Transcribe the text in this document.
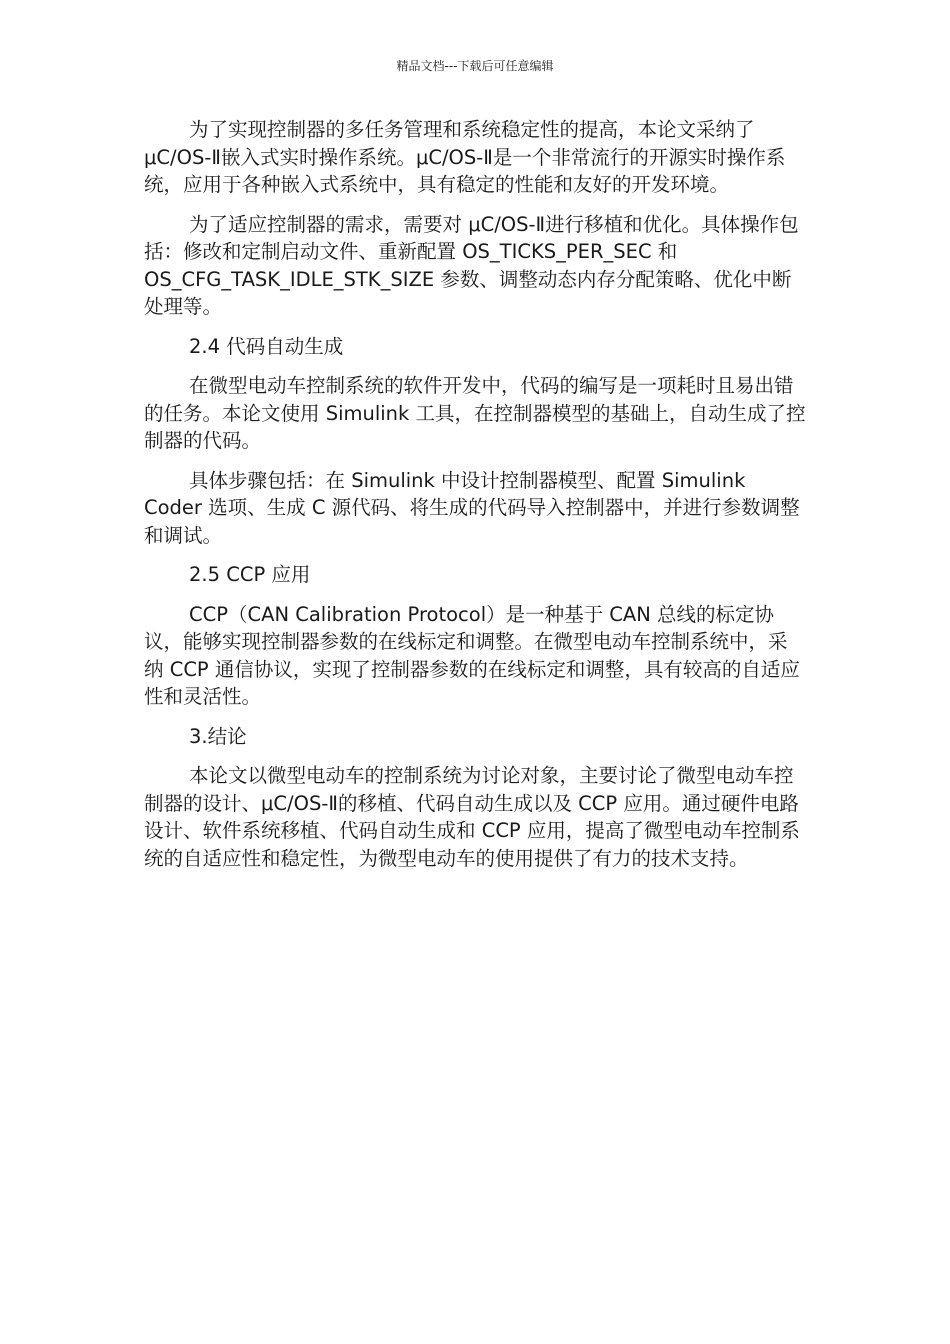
精品文档---下载后可任意编辑

为了实现控制器的多任务管理和系统稳定性的提高，本论文采纳了 μC/OS-Ⅱ嵌入式实时操作系统。μC/OS-Ⅱ是一个非常流行的开源实时操作系统，应用于各种嵌入式系统中，具有稳定的性能和友好的开发环境。

为了适应控制器的需求，需要对 μC/OS-Ⅱ进行移植和优化。具体操作包括：修改和定制启动文件、重新配置 OS_TICKS_PER_SEC 和 OS_CFG_TASK_IDLE_STK_SIZE 参数、调整动态内存分配策略、优化中断处理等。

2.4 代码自动生成

在微型电动车控制系统的软件开发中，代码的编写是一项耗时且易出错的任务。本论文使用 Simulink 工具，在控制器模型的基础上，自动生成了控制器的代码。

具体步骤包括：在 Simulink 中设计控制器模型、配置 Simulink Coder 选项、生成 C 源代码、将生成的代码导入控制器中，并进行参数调整和调试。

2.5 CCP 应用

CCP（CAN Calibration Protocol）是一种基于 CAN 总线的标定协议，能够实现控制器参数的在线标定和调整。在微型电动车控制系统中，采纳 CCP 通信协议，实现了控制器参数的在线标定和调整，具有较高的自适应性和灵活性。

3.结论

本论文以微型电动车的控制系统为讨论对象，主要讨论了微型电动车控制器的设计、μC/OS-Ⅱ的移植、代码自动生成以及 CCP 应用。通过硬件电路设计、软件系统移植、代码自动生成和 CCP 应用，提高了微型电动车控制系统的自适应性和稳定性，为微型电动车的使用提供了有力的技术支持。
